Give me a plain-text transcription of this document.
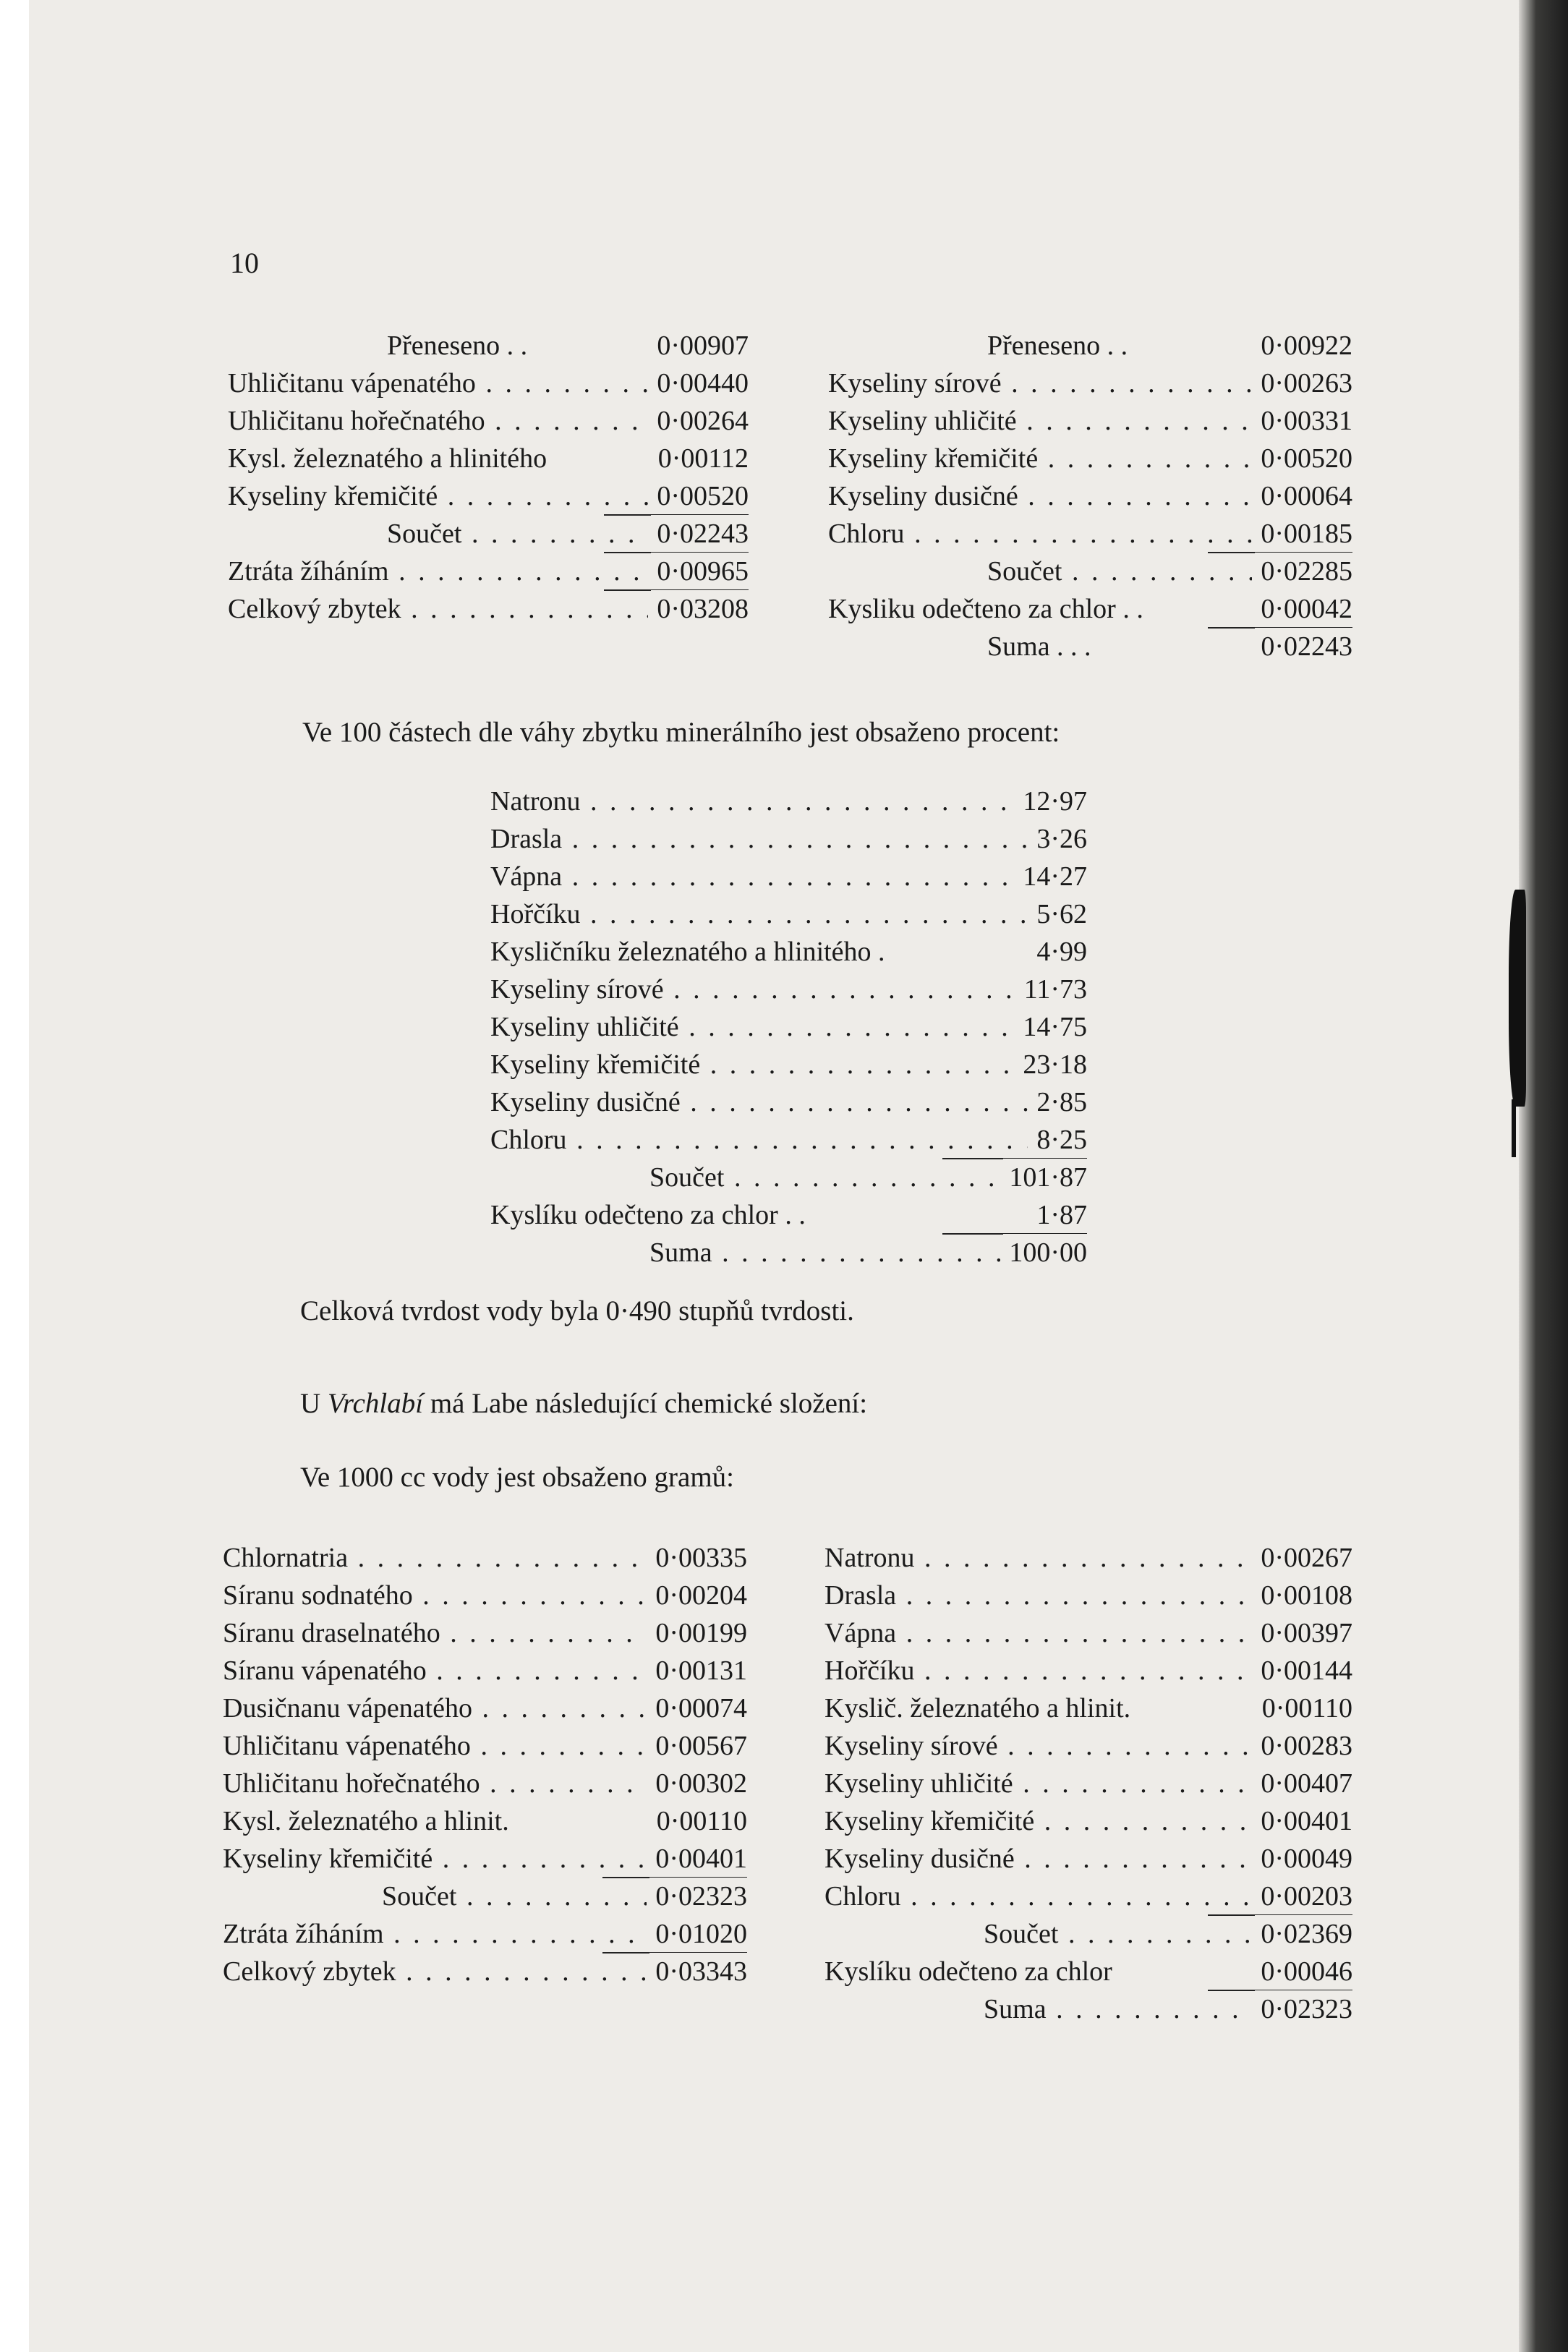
10
Přeneseno . .	0·00907
Uhličitanu vápenatého . . .	0·00440
Uhličitanu hořečnatého . . .	0·00264
Kysl. železnatého a hlinitého	0·00112
Kyseliny křemičité . . .	0·00520
Součet . . .	0·02243
Ztráta žíháním . . .	0·00965
Celkový zbytek . . .	0·03208
Přeneseno . .	0·00922
Kyseliny sírové . . .	0·00263
Kyseliny uhličité . . .	0·00331
Kyseliny křemičité . . .	0·00520
Kyseliny dusičné . . .	0·00064
Chloru . . .	0·00185
Součet . . .	0·02285
Kysliku odečteno za chlor . .	0·00042
Suma . . .	0·02243
Ve 100 částech dle váhy zbytku minerálního jest obsaženo procent:
Natronu . . .	12·97
Drasla . . .	3·26
Vápna . . .	14·27
Hořčíku . . .	5·62
Kysličníku železnatého a hlinitého .	4·99
Kyseliny sírové . . .	11·73
Kyseliny uhličité . . .	14·75
Kyseliny křemičité . . .	23·18
Kyseliny dusičné . . .	2·85
Chloru . . .	8·25
Součet . . .	101·87
Kyslíku odečteno za chlor . .	1·87
Suma . . .	100·00
Celková tvrdost vody byla 0·490 stupňů tvrdosti.
U Vrchlabí má Labe následující chemické složení:
Ve 1000 cc vody jest obsaženo gramů:
Chlornatria . . .	0·00335
Síranu sodnatého . . .	0·00204
Síranu draselnatého . . .	0·00199
Síranu vápenatého . . .	0·00131
Dusičnanu vápenatého . . .	0·00074
Uhličitanu vápenatého . . .	0·00567
Uhličitanu hořečnatého . . .	0·00302
Kysl. železnatého a hlinit.	0·00110
Kyseliny křemičité . . .	0·00401
Součet . . .	0·02323
Ztráta žíháním . . .	0·01020
Celkový zbytek . . .	0·03343
Natronu . . .	0·00267
Drasla . . .	0·00108
Vápna . . .	0·00397
Hořčíku . . .	0·00144
Kyslič. železnatého a hlinit.	0·00110
Kyseliny sírové . . .	0·00283
Kyseliny uhličité . . .	0·00407
Kyseliny křemičité . . .	0·00401
Kyseliny dusičné . . .	0·00049
Chloru . . .	0·00203
Součet . . .	0·02369
Kyslíku odečteno za chlor	0·00046
Suma . . .	0·02323
